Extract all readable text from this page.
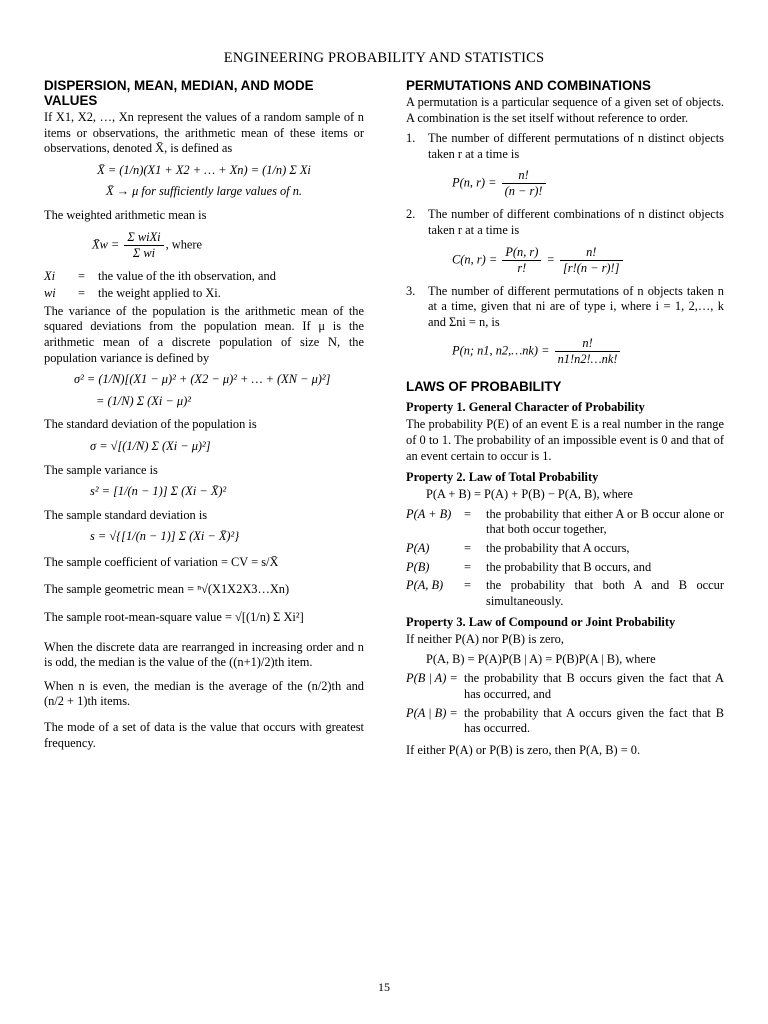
ENGINEERING PROBABILITY AND STATISTICS
DISPERSION, MEAN, MEDIAN, AND MODE VALUES

If X1, X2, …, Xn represent the values of a random sample of n items or observations, the arithmetic mean of these items or observations, denoted X̄, is defined as

X̄ = (1/n)(X1 + X2 + … + Xn) = (1/n) Σ Xi
X̄ → μ for sufficiently large values of n.

The weighted arithmetic mean is

X̄w = $\frac{\text{Σ wiXi}}{\text{Σ wi}}$ , where
Xi	=	the value of the ith observation, and
wi	=	the weight applied to Xi.

The variance of the population is the arithmetic mean of the squared deviations from the population mean. If μ is the arithmetic mean of a discrete population of size N, the population variance is defined by

σ² = (1/N)[(X1 − μ)² + (X2 − μ)² + … + (XN − μ)²]
= (1/N) Σ (Xi − μ)²

The standard deviation of the population is

σ = √[(1/N) Σ (Xi − μ)²]

The sample variance is

s² = [1/(n − 1)] Σ (Xi − X̄)²

The sample standard deviation is

s = √{[1/(n − 1)] Σ (Xi − X̄)²}

The sample coefficient of variation = CV = s/X̄

The sample geometric mean = ⁿ√(X1X2X3…Xn)

The sample root-mean-square value = √[(1/n) Σ Xi²]

When the discrete data are rearranged in increasing order and n is odd, the median is the value of the ((n+1)/2)th item.

When n is even, the median is the average of the (n/2)th and (n/2 + 1)th items.

The mode of a set of data is the value that occurs with greatest frequency.

PERMUTATIONS AND COMBINATIONS

A permutation is a particular sequence of a given set of objects. A combination is the set itself without reference to order.

1.	The number of different permutations of n distinct objects taken r at a time is
P(n, $r) = \frac{n!}{(n - r)!}$
2.	The number of different combinations of n distinct objects taken r at a time is
C(n, $r) = \frac{P(n, r)}{r!} = \frac{n!}{[r!(n - r)!]}$
3.	The number of different permutations of n objects taken n at a time, given that ni are of type i, where i = 1, 2,…, k and Σni = n, is
P(n; n1, n2,…nk) = $\frac{n!}{n1!n2!\dots nk!}$
LAWS OF PROBABILITY
Property 1. General Character of Probability

The probability P(E) of an event E is a real number in the range of 0 to 1. The probability of an impossible event is 0 and that of an event certain to occur is 1.

Property 2. Law of Total Probability
P(A + B) = P(A) + P(B) − P(A, B), where
P(A + B)	=	the probability that either A or B occur alone or that both occur together,
P(A)	=	the probability that A occurs,
P(B)	=	the probability that B occurs, and
P(A, B)	=	the probability that both A and B occur simultaneously.
Property 3. Law of Compound or Joint Probability

If neither P(A) nor P(B) is zero,

P(A, B) = P(A)P(B | A) = P(B)P(A | B), where
P(B | A) = the probability that B occurs given the fact that A has occurred, and
P(A | B) = the probability that A occurs given the fact that B has occurred.

If either P(A) or P(B) is zero, then P(A, B) = 0.

15
